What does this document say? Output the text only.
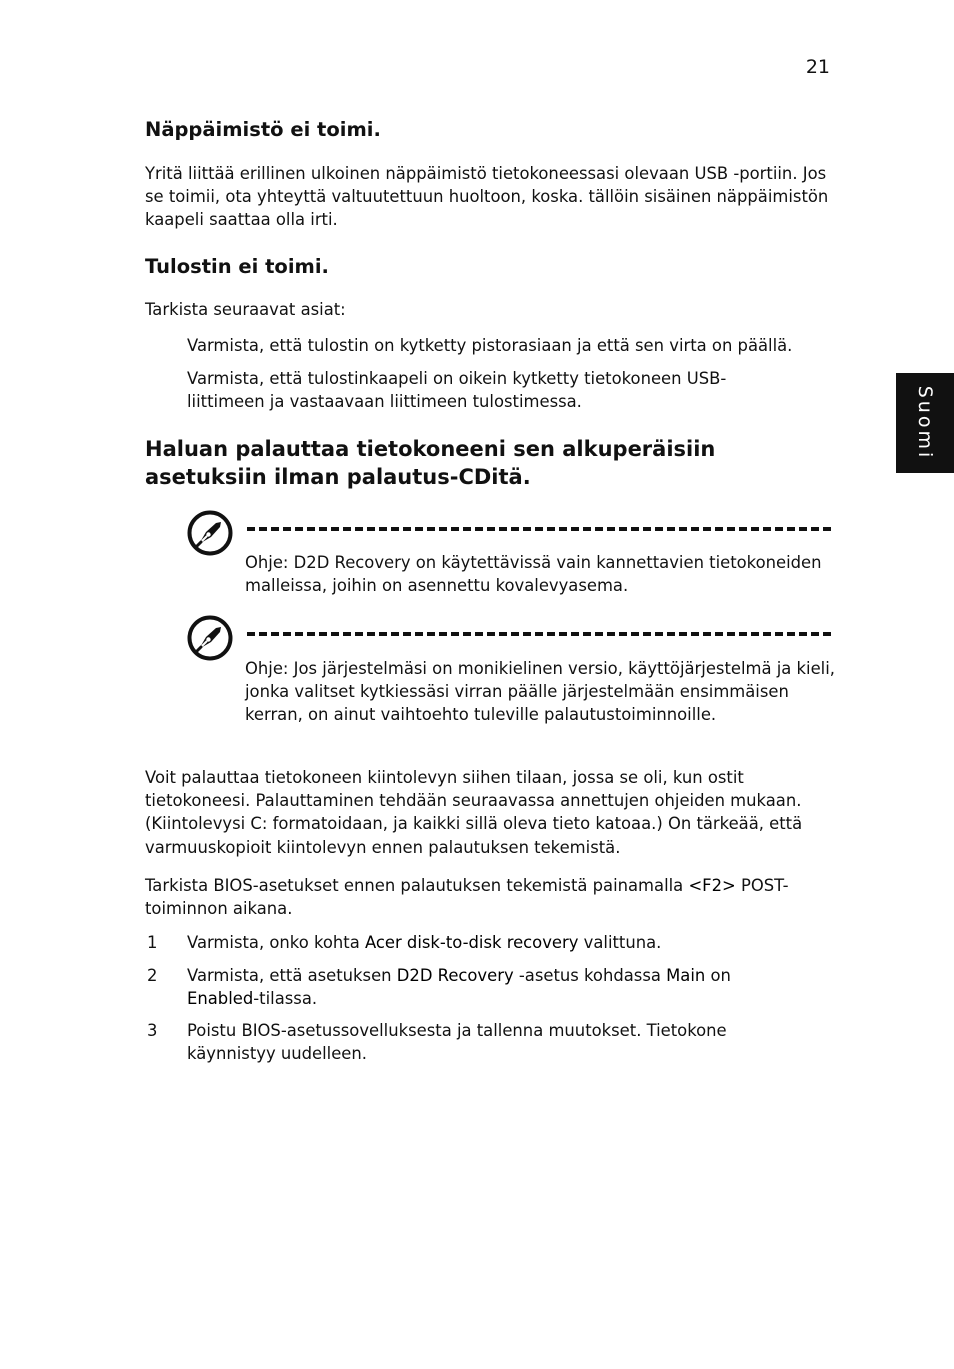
21
Suomi
Näppäimistö ei toimi.

Yritä liittää erillinen ulkoinen näppäimistö tietokoneessasi olevaan USB -portiin. Jos se toimii, ota yhteyttä valtuutettuun huoltoon, koska. tällöin sisäinen näppäimistön kaapeli saattaa olla irti.

Tulostin ei toimi.

Tarkista seuraavat asiat:

Varmista, että tulostin on kytketty pistorasiaan ja että sen virta on päällä.

Varmista, että tulostinkaapeli on oikein kytketty tietokoneen USB-liittimeen ja vastaavaan liittimeen tulostimessa.

Haluan palauttaa tietokoneeni sen alkuperäisiin asetuksiin ilman palautus-CDitä.

Ohje: D2D Recovery on käytettävissä vain kannettavien tietokoneiden malleissa, joihin on asennettu kovalevyasema.

Ohje: Jos järjestelmäsi on monikielinen versio, käyttöjärjestelmä ja kieli, jonka valitset kytkiessäsi virran päälle järjestelmään ensimmäisen kerran, on ainut vaihtoehto tuleville palautustoiminnoille.

Voit palauttaa tietokoneen kiintolevyn siihen tilaan, jossa se oli, kun ostit tietokoneesi. Palauttaminen tehdään seuraavassa annettujen ohjeiden mukaan. (Kiintolevysi C: formatoidaan, ja kaikki sillä oleva tieto katoaa.) On tärkeää, että varmuuskopioit kiintolevyn ennen palautuksen tekemistä.

Tarkista BIOS-asetukset ennen palautuksen tekemistä painamalla <F2> POST-toiminnon aikana.

1	Varmista, onko kohta Acer disk-to-disk recovery valittuna.

2	Varmista, että asetuksen D2D Recovery -asetus kohdassa Main on
Enabled-tilassa.

3	Poistu BIOS-asetussovelluksesta ja tallenna muutokset. Tietokone käynnistyy uudelleen.
